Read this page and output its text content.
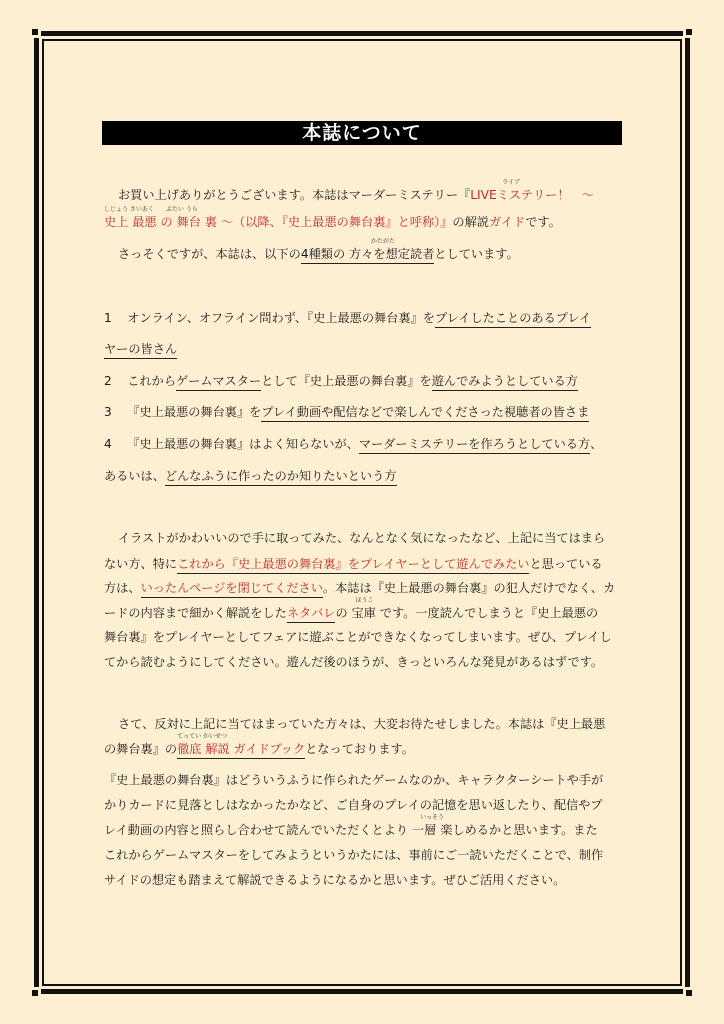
本誌について
お買い上げありがとうございます。本誌はマーダーミステリー『
ライブ
LIVEミステリー！　〜
しじょう さいあく　　ぶたい うら
史上 最悪 の 舞台 裏 〜（以降、『史上最悪の舞台裏』と呼称）』の解説ガイドです。
さっそくですが、本誌は、以下の
かたがた
4種類の 方々を想定読者としています。
1 オンライン、オフライン問わず、『史上最悪の舞台裏』をプレイしたことのあるプレイ
ヤーの皆さん
2 これからゲームマスターとして『史上最悪の舞台裏』を遊んでみようとしている方
3 『史上最悪の舞台裏』をプレイ動画や配信などで楽しんでくださった視聴者の皆さま
4 『史上最悪の舞台裏』はよく知らないが、マーダーミステリーを作ろうとしている方、
あるいは、どんなふうに作ったのか知りたいという方
イラストがかわいいので手に取ってみた、なんとなく気になったなど、上記に当てはまら
ない方、特にこれから『史上最悪の舞台裏』をプレイヤーとして遊んでみたいと思っている
方は、いったんページを閉じてください。本誌は『史上最悪の舞台裏』の犯人だけでなく、カ
ードの内容まで細かく解説をしたネタバレ
ほうこ
の 宝庫 です。一度読んでしまうと『史上最悪の
舞台裏』をプレイヤーとしてフェアに遊ぶことができなくなってしまいます。ぜひ、プレイし
てから読むようにしてください。遊んだ後のほうが、きっといろんな発見があるはずです。
さて、反対に上記に当てはまっていた方々は、大変お待たせしました。本誌は『史上最悪
の舞台裏』の
てってい かいせつ
徹底 解説 ガイドブックとなっております。
『史上最悪の舞台裏』はどういうふうに作られたゲームなのか、キャラクターシートや手が
かりカードに見落としはなかったかなど、ご自身のプレイの記憶を思い返したり、配信やプ
いっそう
レイ動画の内容と照らし合わせて読んでいただくとより 一層 楽しめるかと思います。また
これからゲームマスターをしてみようというかたには、事前にご一読いただくことで、制作
サイドの想定も踏まえて解説できるようになるかと思います。ぜひご活用ください。
